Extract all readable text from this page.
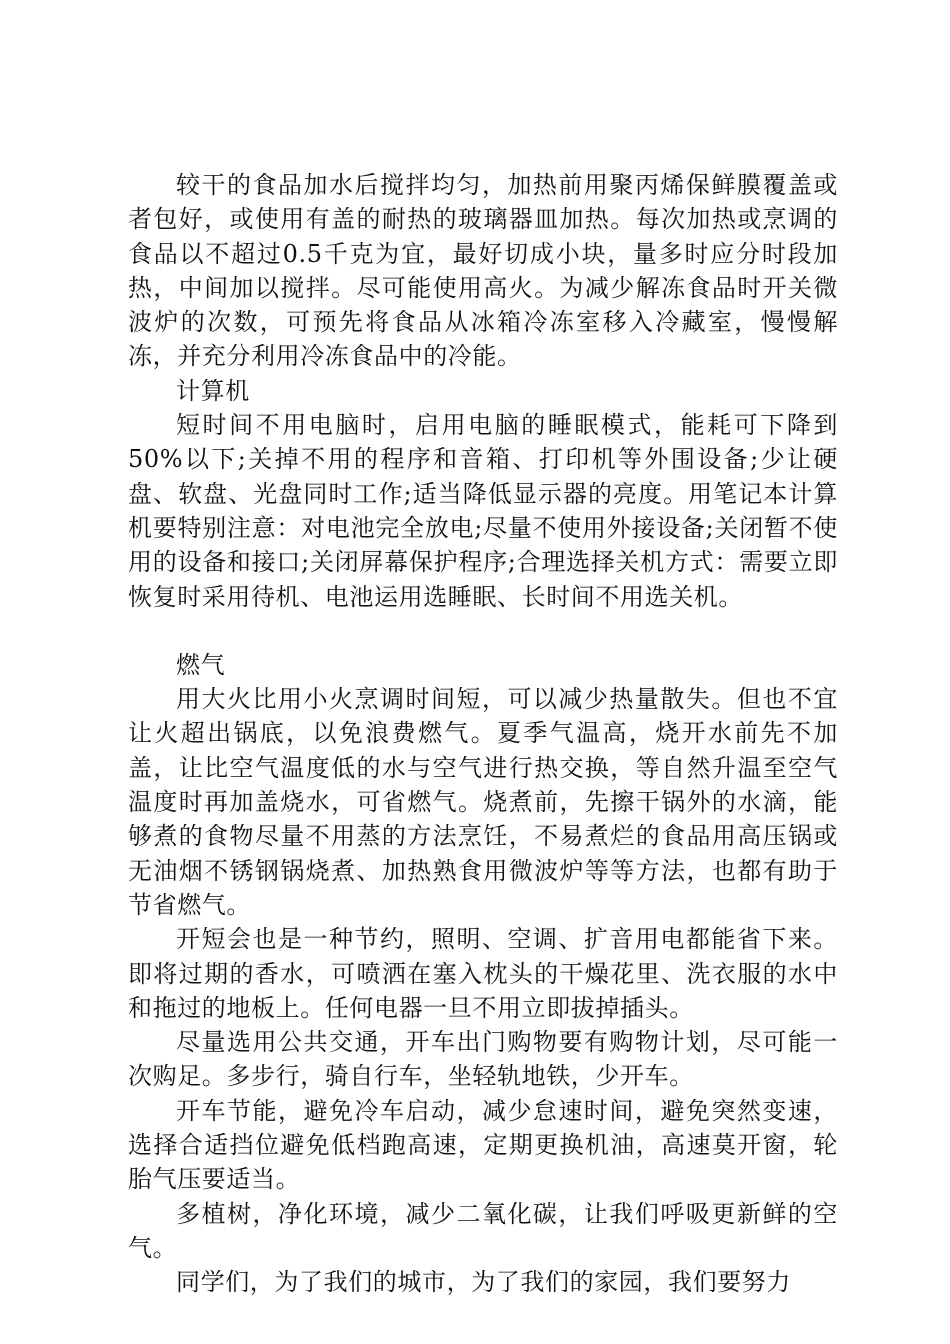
较干的食品加水后搅拌均匀，加热前用聚丙烯保鲜膜覆盖或者包好，或使用有盖的耐热的玻璃器皿加热。每次加热或烹调的食品以不超过0.5千克为宜，最好切成小块，量多时应分时段加热，中间加以搅拌。尽可能使用高火。为减少解冻食品时开关微波炉的次数，可预先将食品从冰箱冷冻室移入冷藏室，慢慢解冻，并充分利用冷冻食品中的冷能。

计算机

短时间不用电脑时，启用电脑的睡眠模式，能耗可下降到50%以下;关掉不用的程序和音箱、打印机等外围设备;少让硬盘、软盘、光盘同时工作;适当降低显示器的亮度。用笔记本计算机要特别注意：对电池完全放电;尽量不使用外接设备;关闭暂不使用的设备和接口;关闭屏幕保护程序;合理选择关机方式：需要立即恢复时采用待机、电池运用选睡眠、长时间不用选关机。

燃气

用大火比用小火烹调时间短，可以减少热量散失。但也不宜让火超出锅底，以免浪费燃气。夏季气温高，烧开水前先不加盖，让比空气温度低的水与空气进行热交换，等自然升温至空气温度时再加盖烧水，可省燃气。烧煮前，先擦干锅外的水滴，能够煮的食物尽量不用蒸的方法烹饪，不易煮烂的食品用高压锅或无油烟不锈钢锅烧煮、加热熟食用微波炉等等方法，也都有助于节省燃气。

开短会也是一种节约，照明、空调、扩音用电都能省下来。即将过期的香水，可喷洒在塞入枕头的干燥花里、洗衣服的水中和拖过的地板上。任何电器一旦不用立即拔掉插头。

尽量选用公共交通，开车出门购物要有购物计划，尽可能一次购足。多步行，骑自行车，坐轻轨地铁，少开车。

开车节能，避免冷车启动，减少怠速时间，避免突然变速，选择合适挡位避免低档跑高速，定期更换机油，高速莫开窗，轮胎气压要适当。

多植树，净化环境，减少二氧化碳，让我们呼吸更新鲜的空气。

同学们，为了我们的城市，为了我们的家园，我们要努力
